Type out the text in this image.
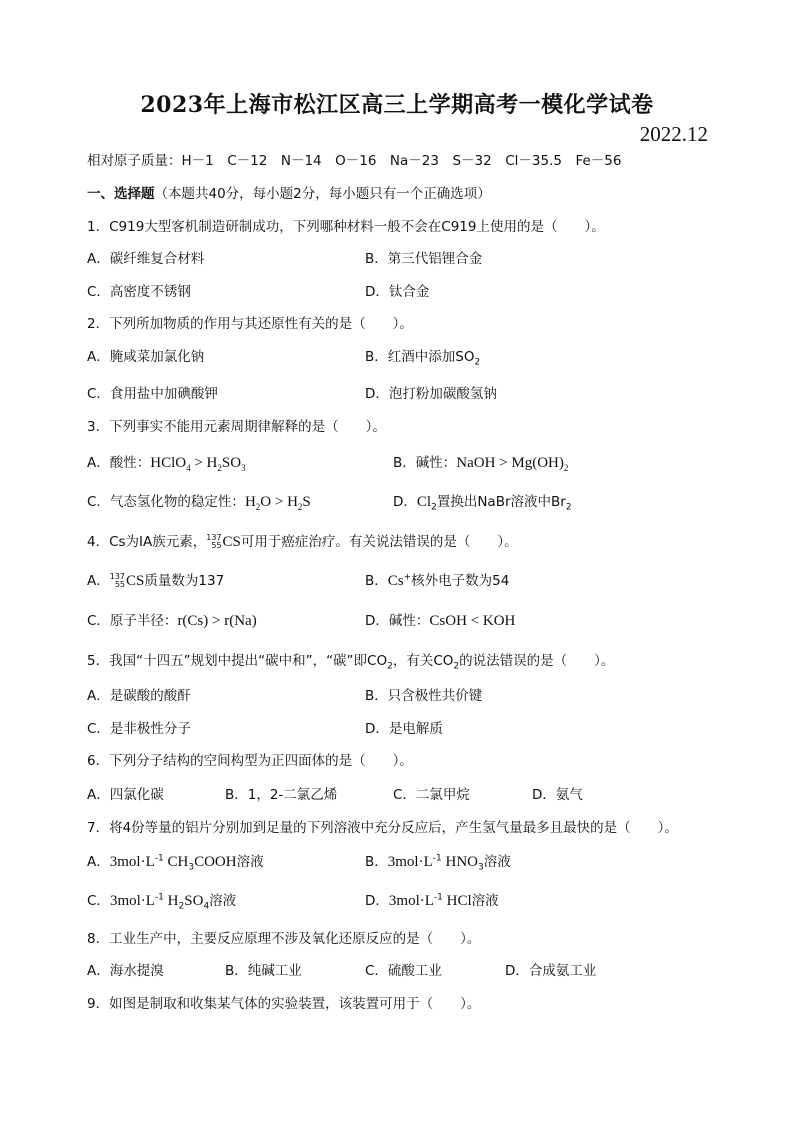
2023年上海市松江区高三上学期高考一模化学试卷
2022.12
相对原子质量：H－1　C－12　N－14　O－16　Na－23　S－32　Cl－35.5　Fe－56
一、选择题（本题共40分，每小题2分，每小题只有一个正确选项）
1．C919大型客机制造研制成功，下列哪种材料一般不会在C919上使用的是（　　）。
A．碳纤维复合材料	B．第三代铝锂合金
C．高密度不锈钢	D．钛合金
2．下列所加物质的作用与其还原性有关的是（　　）。
A．腌咸菜加氯化钠	B．红酒中添加$SO_2$
C．食用盐中加碘酸钾	D．泡打粉加碳酸氢钠
3．下列事实不能用元素周期律解释的是（　　）。
A．酸性：HClO$_4$ > $H_2SO_3$	B．碱性：NaOH > $Mg(OH)_2$
C．气态氢化物的稳定性：$H_2O > H_2S$	D．$Cl_2$置换出NaBr溶液中$Br_2$
4．Cs为ⅠA族元素， 137
55 CS可用于癌症治疗。有关说法错误的是（　　）。
A． 137
55 CS质量数为137	B．Cs+核外电子数为54
C．原子半径：r(Cs) > r(Na)	D．碱性：CsOH < KOH
5．我国“十四五”规划中提出“碳中和”，“碳”即$CO_2$，有关$CO_2$的说法错误的是（　　）。
A．是碳酸的酸酐	B．只含极性共价键
C．是非极性分子	D．是电解质
6．下列分子结构的空间构型为正四面体的是（　　）。
A．四氯化碳	B．1，2-二氯乙烯	C．二氯甲烷	D．氨气
7．将4份等量的铝片分别加到足量的下列溶液中充分反应后，产生氢气量最多且最快的是（　　）。
A．$3mol\cdot L^{-1}$ $CH_3COOH$溶液	B．$3mol\cdot L^{-1}$ $HNO_3$溶液
C．$3mol\cdot L^{-1}$ $H_2SO_4$溶液	D．$3mol\cdot L^{-1}$ HCl溶液
8．工业生产中，主要反应原理不涉及氧化还原反应的是（　　）。
A．海水提溴	B．纯碱工业	C．硫酸工业	D．合成氨工业
9．如图是制取和收集某气体的实验装置，该装置可用于（　　）。
